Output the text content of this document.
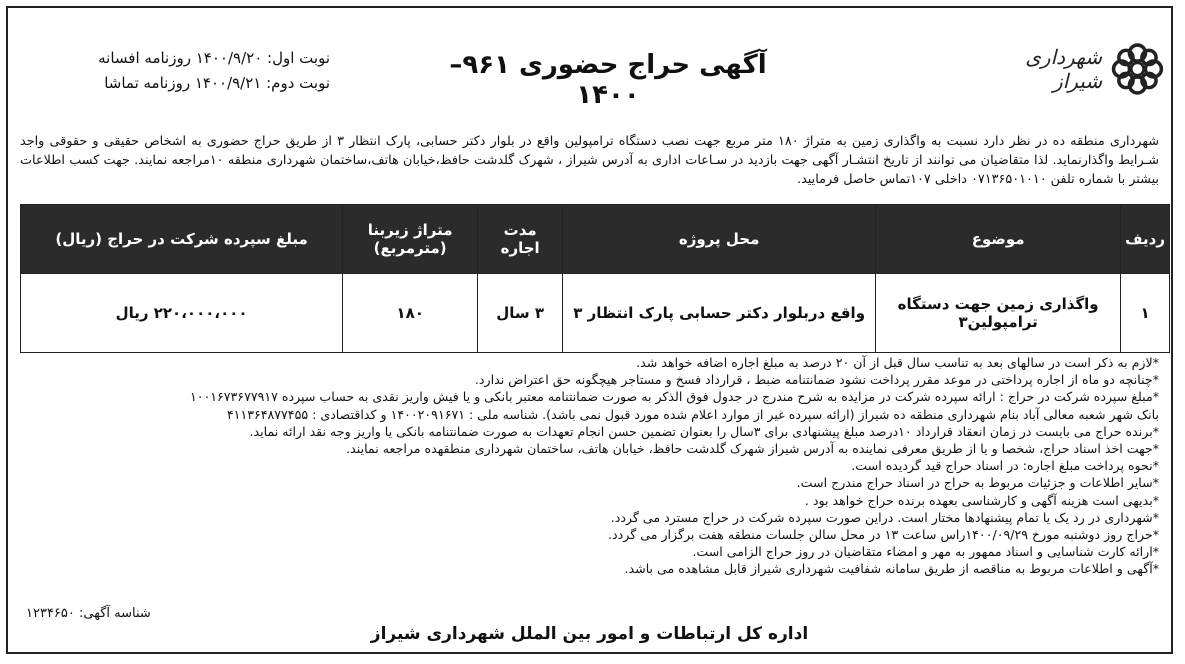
شهرداری شیراز
آگهی حراج حضوری ۹۶۱–۱۴۰۰
نوبت اول: ۱۴۰۰/۹/۲۰ روزنامه افسانه
نوبت دوم: ۱۴۰۰/۹/۲۱ روزنامه تماشا
شهرداری منطقه ده در نظر دارد نسبت به واگذاری زمین به متراژ ۱۸۰ متر مربع جهت نصب دستگاه ترامپولین واقع در بلوار دکتر حسابی، پارک انتظار ۳ از طریق حراج حضوری به اشخاص حقیقی و حقوقی واجد شـرایط واگذارنماید. لذا متقاضیان می توانند از تاریخ انتشـار آگهی جهت بازدید در سـاعات اداری به آدرس شیراز ، شهرک گلدشت حافظ،خیابان هاتف،ساختمان شهرداری منطقه ۱۰مراجعه نمایند. جهت کسب اطلاعات بیشتر با شماره تلفن ۰۷۱۳۶۵۰۱۰۱۰ داخلی ۱۰۷تماس حاصل فرمایید.
ردیف	موضوع	محل پروژه	مدت اجاره	متراژ زیربنا (مترمربع)	مبلغ سپرده شرکت در حراج (ریال)
۱	واگذاری زمین جهت دستگاه ترامپولین۳	واقع دربلوار دکتر حسابی پارک انتظار ۳	۳ سال	۱۸۰	۲۲۰،۰۰۰،۰۰۰ ریال
*لازم به ذکر است در سالهای بعد به تناسب سال قبل از آن ۲۰ درصد به مبلغ اجاره اضافه خواهد شد.
*چنانچه دو ماه از اجاره پرداختی در موعد مقرر پرداخت نشود ضمانتنامه ضبط ، قرارداد فسخ و مستاجر هیچگونه حق اعتراض ندارد.
*مبلغ سپرده شرکت در حراج : ارائه سپرده شرکت در مزایده به شرح مندرج در جدول فوق الذکر به صورت ضمانتنامه معتبر بانکی و یا فیش واریز نقدی به حساب سپرده ۱۰۰۱۶۷۳۶۷۷۹۱۷
بانک شهر شعبه معالی آباد بنام شهرداری منطقه ده شیراز (ارائه سپرده غیر از موارد اعلام شده مورد قبول نمی باشد). شناسه ملی : ۱۴۰۰۲۰۹۱۶۷۱ و کداقتصادی : ۴۱۱۳۶۴۸۷۷۴۵۵
*برنده حراج می بایست در زمان انعقاد قرارداد ۱۰درصد مبلغ پیشنهادی برای ۳سال را بعنوان تضمین حسن انجام تعهدات به صورت ضمانتنامه بانکی یا واریز وجه نقد ارائه نماید.
*جهت اخذ اسناد حراج، شخصا و یا از طریق معرفی نماینده به آدرس شیراز شهرک گلدشت حافظ، خیابان هاتف، ساختمان شهرداری منطقهده مراجعه نمایند.
*نحوه پرداخت مبلغ اجاره: در اسناد حراج قید گردیده است.
*سایر اطلاعات و جزئیات مربوط به حراج در اسناد حراج مندرج است.
*بدیهی است هزینه آگهی و کارشناسی بعهده برنده حراج خواهد بود .
*شهرداری در رد یک یا تمام پیشنهادها مختار است. دراین صورت سپرده شرکت در حراج مسترد می گردد.
*حراج روز دوشنبه مورخ ۱۴۰۰/۰۹/۲۹راس ساعت ۱۳ در محل سالن جلسات منطقه هفت برگزار می گردد.
*ارائه کارت شناسایی و اسناد ممهور به مهر و امضاء متقاضیان در روز حراج الزامی است.
*آگهی و اطلاعات مربوط به مناقصه از طریق سامانه شفافیت شهرداری شیراز قابل مشاهده می باشد.
شناسه آگهی: ۱۲۳۴۶۵۰
اداره کل ارتباطات و امور بین الملل شهرداری شیراز
